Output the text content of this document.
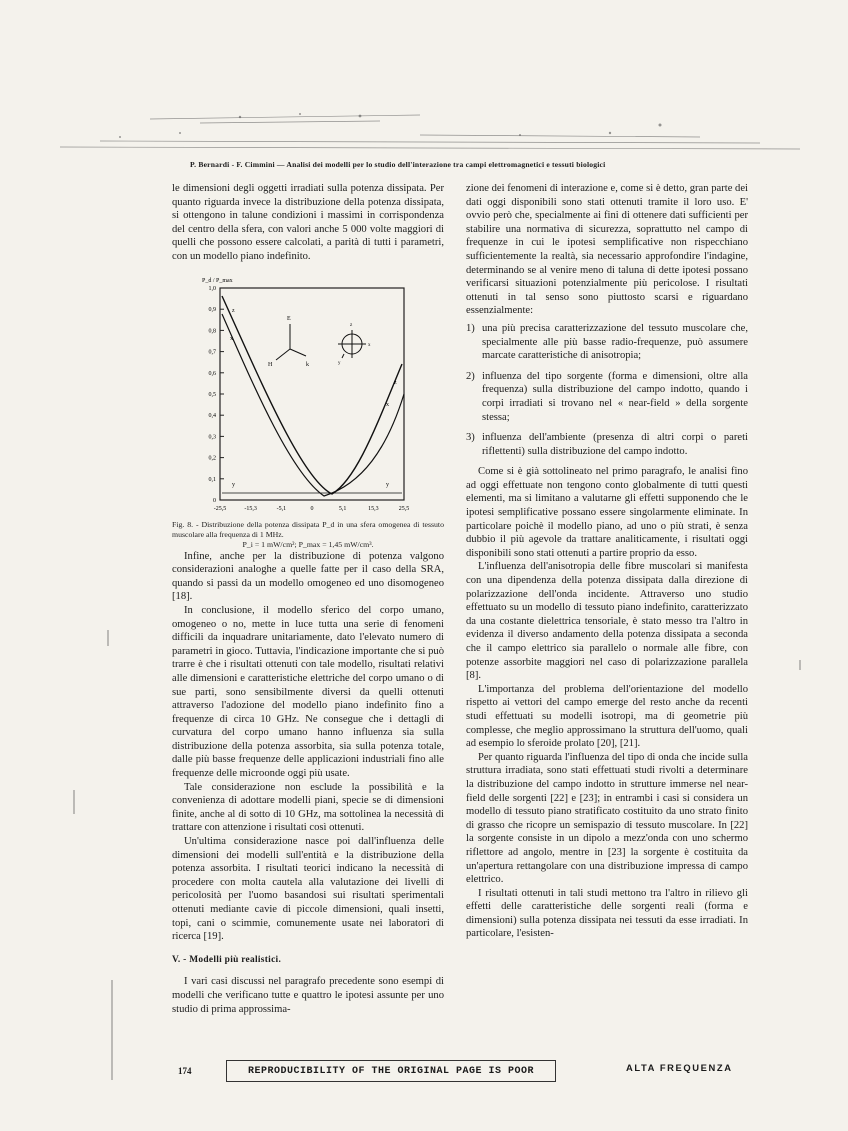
P. Bernardi - F. Cimmini — Analisi dei modelli per lo studio dell'interazione tra campi elettromagnetici e tessuti biologici

le dimensioni degli oggetti irradiati sulla potenza dissipata. Per quanto riguarda invece la distribuzione della potenza dissipata, si ottengono in talune condizioni i massimi in corrispondenza del centro della sfera, con valori anche 5 000 volte maggiori di quelli che possono essere calcolati, a parità di tutti i parametri, con un modello piano indefinito.

P_d / P_max
1,0
0,9
0,8
0,7
0,6
0,5
0,4
0,3
0,2
0,1
0
-25,5	-15,3	-5,1	0	5,1	15,3	25,5
z
x
x
z
y	y
E
H	k
z
x
y

Fig. 8. - Distribuzione della potenza dissipata P_d in una sfera omogenea di tessuto muscolare alla frequenza di 1 MHz.
P_i = 1 mW/cm²; P_max = 1,45 mW/cm³.

Infine, anche per la distribuzione di potenza valgono considerazioni analoghe a quelle fatte per il caso della SRA, quando si passi da un modello omogeneo ed uno disomogeneo [18].

In conclusione, il modello sferico del corpo umano, omogeneo o no, mette in luce tutta una serie di fenomeni difficili da inquadrare unitariamente, dato l'elevato numero di parametri in gioco. Tuttavia, l'indicazione importante che si può trarre è che i risultati ottenuti con tale modello, risultati relativi alle dimensioni e caratteristiche elettriche del corpo umano o di sue parti, sono sensibilmente diversi da quelli ottenuti attraverso l'adozione del modello piano indefinito fino a frequenze di circa 10 GHz. Ne consegue che i dettagli di curvatura del corpo umano hanno influenza sia sulla distribuzione della potenza assorbita, sia sulla potenza totale, dalle più basse frequenze delle applicazioni industriali fino alle frequenze delle microonde oggi più usate.

Tale considerazione non esclude la possibilità e la convenienza di adottare modelli piani, specie se di dimensioni finite, anche al di sotto di 10 GHz, ma sottolinea la necessità di trattare con attenzione i risultati così ottenuti.

Un'ultima considerazione nasce poi dall'influenza delle dimensioni dei modelli sull'entità e la distribuzione della potenza assorbita. I risultati teorici indicano la necessità di procedere con molta cautela alla valutazione dei livelli di pericolosità per l'uomo basandosi sui risultati sperimentali ottenuti mediante cavie di piccole dimensioni, quali insetti, topi, cani o scimmie, comunemente usate nei laboratori di ricerca [19].

V. - Modelli più realistici.

I vari casi discussi nel paragrafo precedente sono esempi di modelli che verificano tutte e quattro le ipotesi assunte per uno studio di prima approssima-

zione dei fenomeni di interazione e, come si è detto, gran parte dei dati oggi disponibili sono stati ottenuti tramite il loro uso. E' ovvio però che, specialmente ai fini di ottenere dati sufficienti per stabilire una normativa di sicurezza, soprattutto nel campo di frequenze in cui le ipotesi semplificative non rispecchiano sufficientemente la realtà, sia necessario approfondire l'indagine, determinando se al venire meno di taluna di dette ipotesi possano verificarsi situazioni potenzialmente più pericolose. I risultati ottenuti in tal senso sono piuttosto scarsi e riguardano essenzialmente:

1) una più precisa caratterizzazione del tessuto muscolare che, specialmente alle più basse radio-frequenze, può assumere marcate caratteristiche di anisotropia;
2) influenza del tipo sorgente (forma e dimensioni, oltre alla frequenza) sulla distribuzione del campo indotto, quando i corpi irradiati si trovano nel « near-field » della sorgente stessa;
3) influenza dell'ambiente (presenza di altri corpi o pareti riflettenti) sulla distribuzione del campo indotto.

Come si è già sottolineato nel primo paragrafo, le analisi fino ad oggi effettuate non tengono conto globalmente di tutti questi elementi, ma si limitano a valutarne gli effetti supponendo che le ipotesi semplificative possano essere singolarmente eliminate. In particolare poichè il modello piano, ad uno o più strati, è senza dubbio il più agevole da trattare analiticamente, i risultati oggi disponibili sono stati ottenuti a partire proprio da esso.

L'influenza dell'anisotropia delle fibre muscolari si manifesta con una dipendenza della potenza dissipata dalla direzione di polarizzazione dell'onda incidente. Attraverso uno studio effettuato su un modello di tessuto piano indefinito, caratterizzato da una costante dielettrica tensoriale, è stato messo tra l'altro in evidenza il diverso andamento della potenza dissipata a seconda che il campo elettrico sia parallelo o normale alle fibre, con potenze assorbite maggiori nel caso di polarizzazione parallela [8].

L'importanza del problema dell'orientazione del modello rispetto ai vettori del campo emerge del resto anche da recenti studi effettuati su modelli isotropi, ma di geometrie più complesse, che meglio approssimano la struttura dell'uomo, quali ad esempio lo sferoide prolato [20], [21].

Per quanto riguarda l'influenza del tipo di onda che incide sulla struttura irradiata, sono stati effettuati studi rivolti a determinare la distribuzione del campo indotto in strutture immerse nel near-field delle sorgenti [22] e [23]; in entrambi i casi si considera un modello di tessuto piano stratificato costituito da uno strato finito di grasso che ricopre un semispazio di tessuto muscolare. In [22] la sorgente consiste in un dipolo a mezz'onda con uno schermo riflettore ad angolo, mentre in [23] la sorgente è costituita da un'apertura rettangolare con una distribuzione impressa di campo elettrico.

I risultati ottenuti in tali studi mettono tra l'altro in rilievo gli effetti delle caratteristiche delle sorgenti reali (forma e dimensioni) sulla potenza dissipata nei tessuti da esse irradiati. In particolare, l'esisten-

174	REPRODUCIBILITY OF THE ORIGINAL PAGE IS POOR	ALTA FREQUENZA
